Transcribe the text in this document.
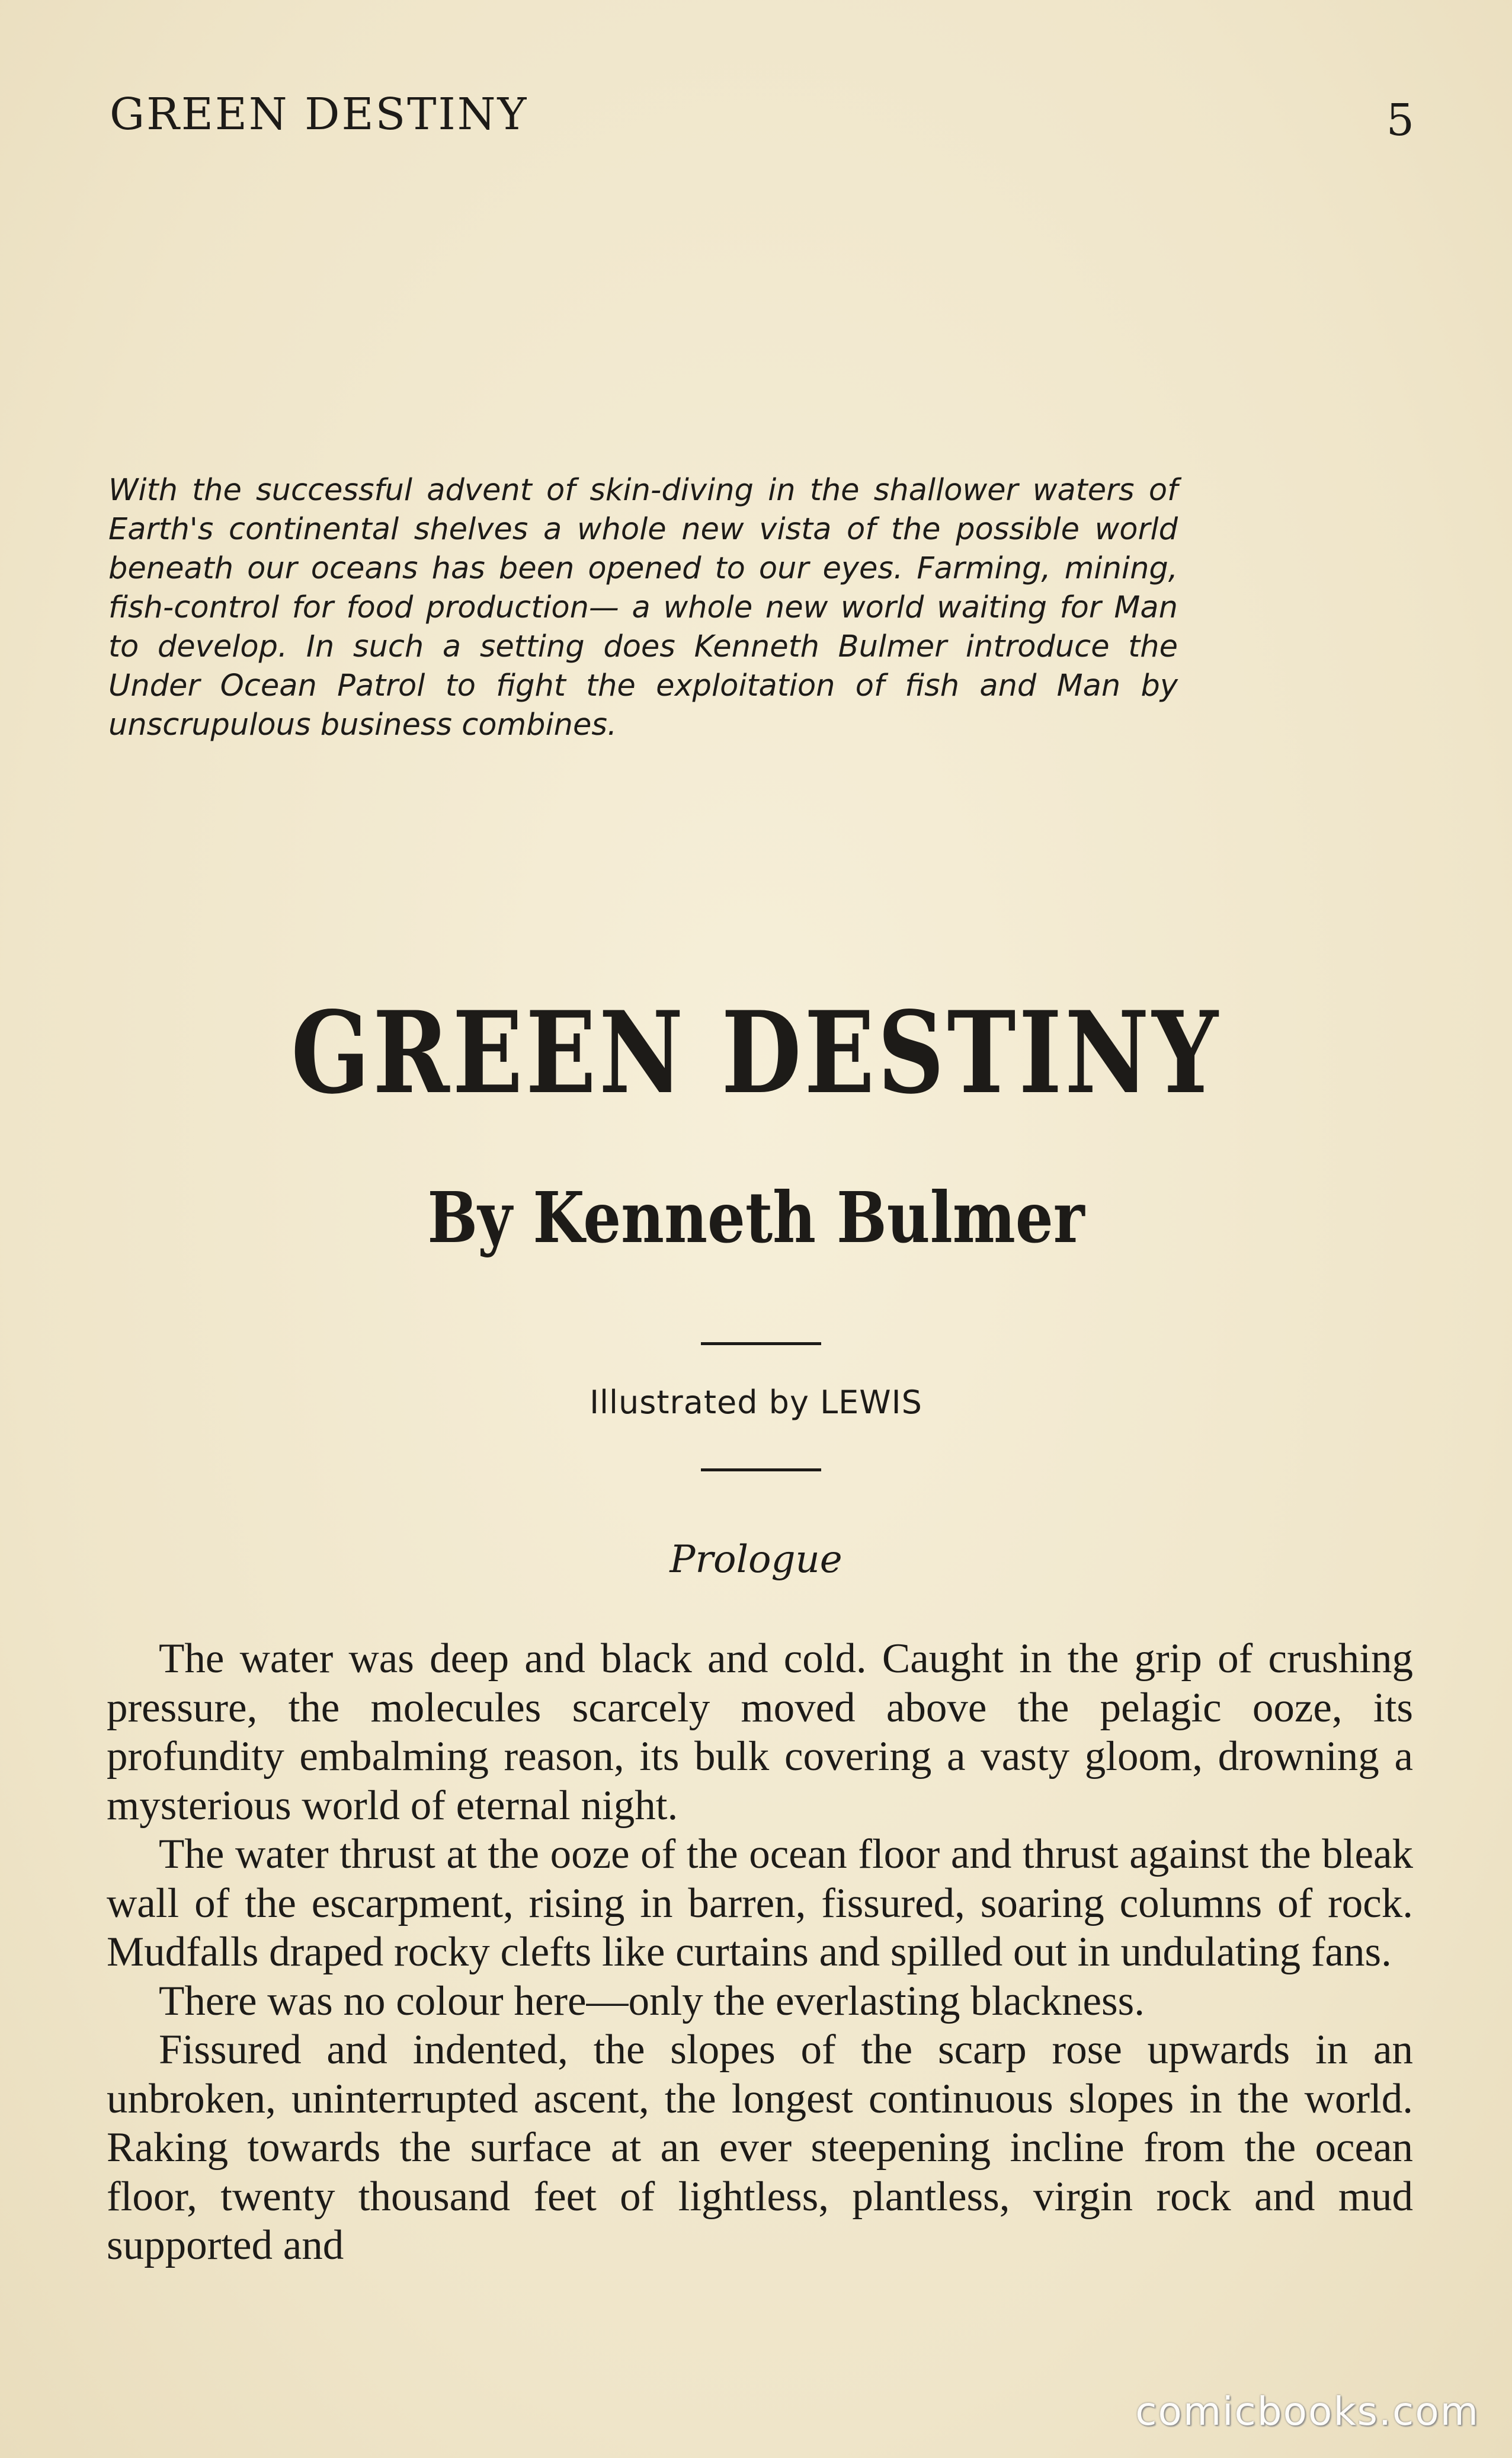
GREEN DESTINY	5

With the successful advent of skin-diving in the shallower waters of Earth's continental shelves a whole new vista of the possible world beneath our oceans has been opened to our eyes. Farming, mining, fish-control for food production— a whole new world waiting for Man to develop. In such a setting does Kenneth Bulmer introduce the Under Ocean Patrol to fight the exploitation of fish and Man by unscrupulous business combines.

GREEN DESTINY
By Kenneth Bulmer
Illustrated by LEWIS
Prologue

The water was deep and black and cold. Caught in the grip of crushing pressure, the molecules scarcely moved above the pelagic ooze, its profundity embalming reason, its bulk covering a vasty gloom, drowning a mysterious world of eternal night.

The water thrust at the ooze of the ocean floor and thrust against the bleak wall of the escarpment, rising in barren, fissured, soaring columns of rock. Mudfalls draped rocky clefts like curtains and spilled out in undulating fans.

There was no colour here—only the everlasting blackness.

Fissured and indented, the slopes of the scarp rose upwards in an unbroken, uninterrupted ascent, the longest continuous slopes in the world. Raking towards the surface at an ever steepening incline from the ocean floor, twenty thousand feet of lightless, plantless, virgin rock and mud supported and

comicbooks.com
